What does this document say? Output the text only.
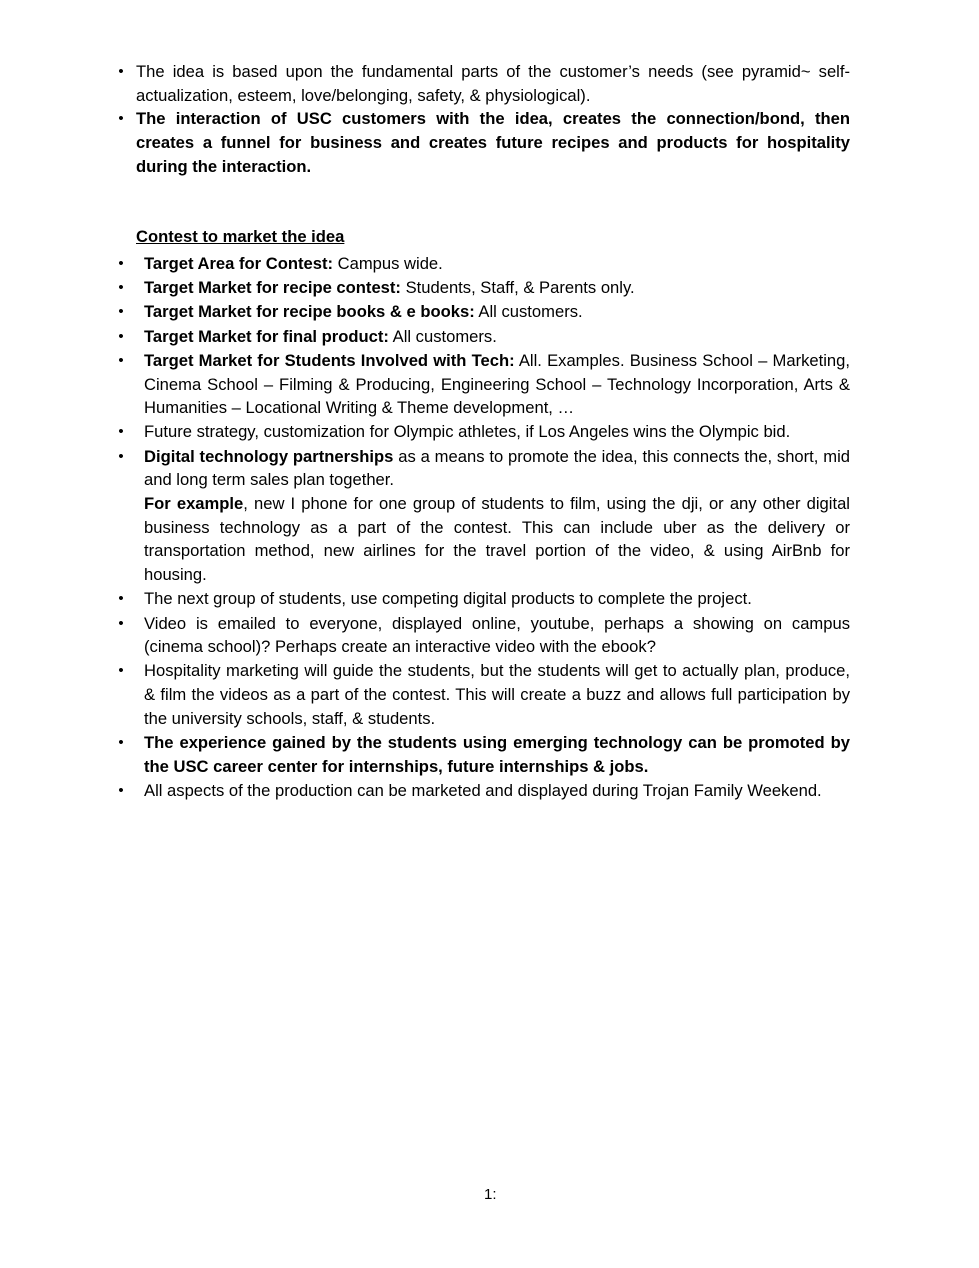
• The idea is based upon the fundamental parts of the customer’s needs (see pyramid~ self-actualization, esteem, love/belonging, safety, & physiological).
• The interaction of USC customers with the idea, creates the connection/bond, then creates a funnel for business and creates future recipes and products for hospitality during the interaction.
Contest to market the idea
• Target Area for Contest: Campus wide.
• Target Market for recipe contest: Students, Staff, & Parents only.
• Target Market for recipe books & e books: All customers.
• Target Market for final product: All customers.
• Target Market for Students Involved with Tech: All. Examples. Business School – Marketing, Cinema School – Filming & Producing, Engineering School – Technology Incorporation, Arts & Humanities – Locational Writing & Theme development, …
• Future strategy, customization for Olympic athletes, if Los Angeles wins the Olympic bid.
• Digital technology partnerships as a means to promote the idea, this connects the, short, mid and long term sales plan together.
For example, new I phone for one group of students to film, using the dji, or any other digital business technology as a part of the contest. This can include uber as the delivery or transportation method, new airlines for the travel portion of the video, & using AirBnb for housing.
• The next group of students, use competing digital products to complete the project.
• Video is emailed to everyone, displayed online, youtube, perhaps a showing on campus (cinema school)? Perhaps create an interactive video with the ebook?
• Hospitality marketing will guide the students, but the students will get to actually plan, produce, & film the videos as a part of the contest. This will create a buzz and allows full participation by the university schools, staff, & students.
• The experience gained by the students using emerging technology can be promoted by the USC career center for internships, future internships & jobs.
• All aspects of the production can be marketed and displayed during Trojan Family Weekend.
1:
